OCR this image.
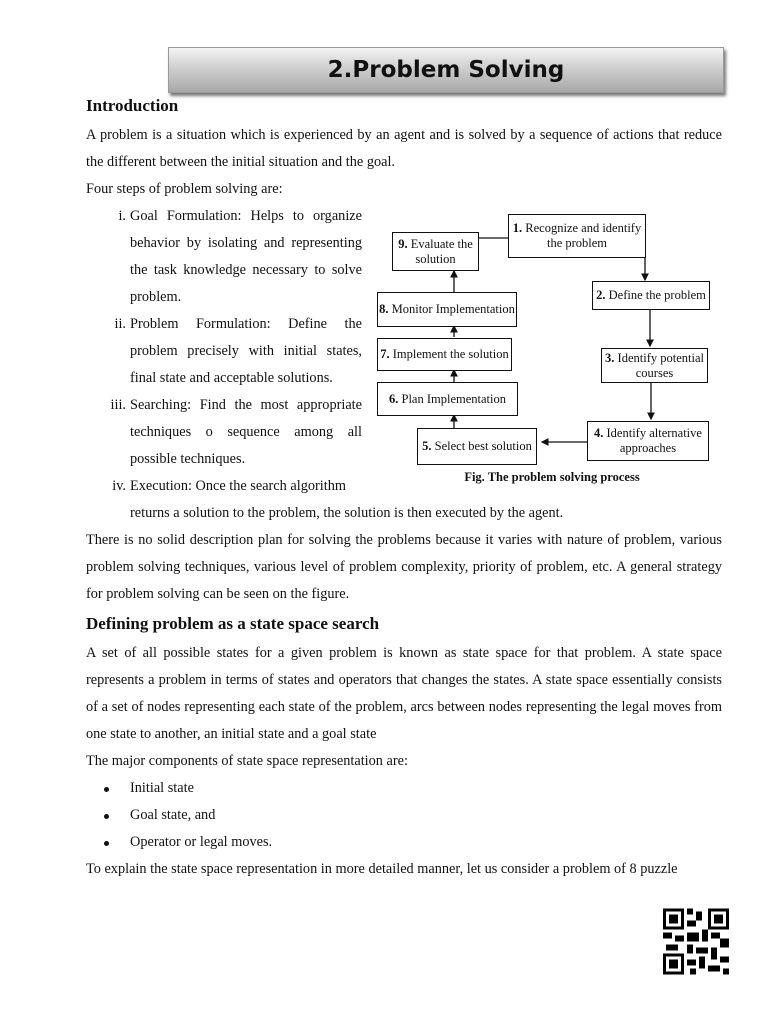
2.Problem Solving
Introduction

A problem is a situation which is experienced by an agent and is solved by a sequence of actions that reduce the different between the initial situation and the goal.

Four steps of problem solving are:

1. Recognize and identify the problem
2. Define the problem
3. Identify potential courses
4. Identify alternative approaches
5. Select best solution
6. Plan Implementation
7. Implement the solution
8. Monitor Implementation
9. Evaluate the solution
Fig. The problem solving process
i. Goal Formulation: Helps to organize behavior by isolating and representing the task knowledge necessary to solve problem.
ii. Problem Formulation: Define the problem precisely with initial states, final state and acceptable solutions.
iii. Searching: Find the most appropriate techniques o sequence among all possible techniques.
iv. Execution: Once the search algorithm returns a solution to the problem, the solution is then executed by the agent.

There is no solid description plan for solving the problems because it varies with nature of problem, various problem solving techniques, various level of problem complexity, priority of problem, etc. A general strategy for problem solving can be seen on the figure.

Defining problem as a state space search

A set of all possible states for a given problem is known as state space for that problem. A state space represents a problem in terms of states and operators that changes the states. A state space essentially consists of a set of nodes representing each state of the problem, arcs between nodes representing the legal moves from one state to another, an initial state and a goal state

The major components of state space representation are:

Initial state
Goal state, and
Operator or legal moves.

To explain the state space representation in more detailed manner, let us consider a problem of 8 puzzle
